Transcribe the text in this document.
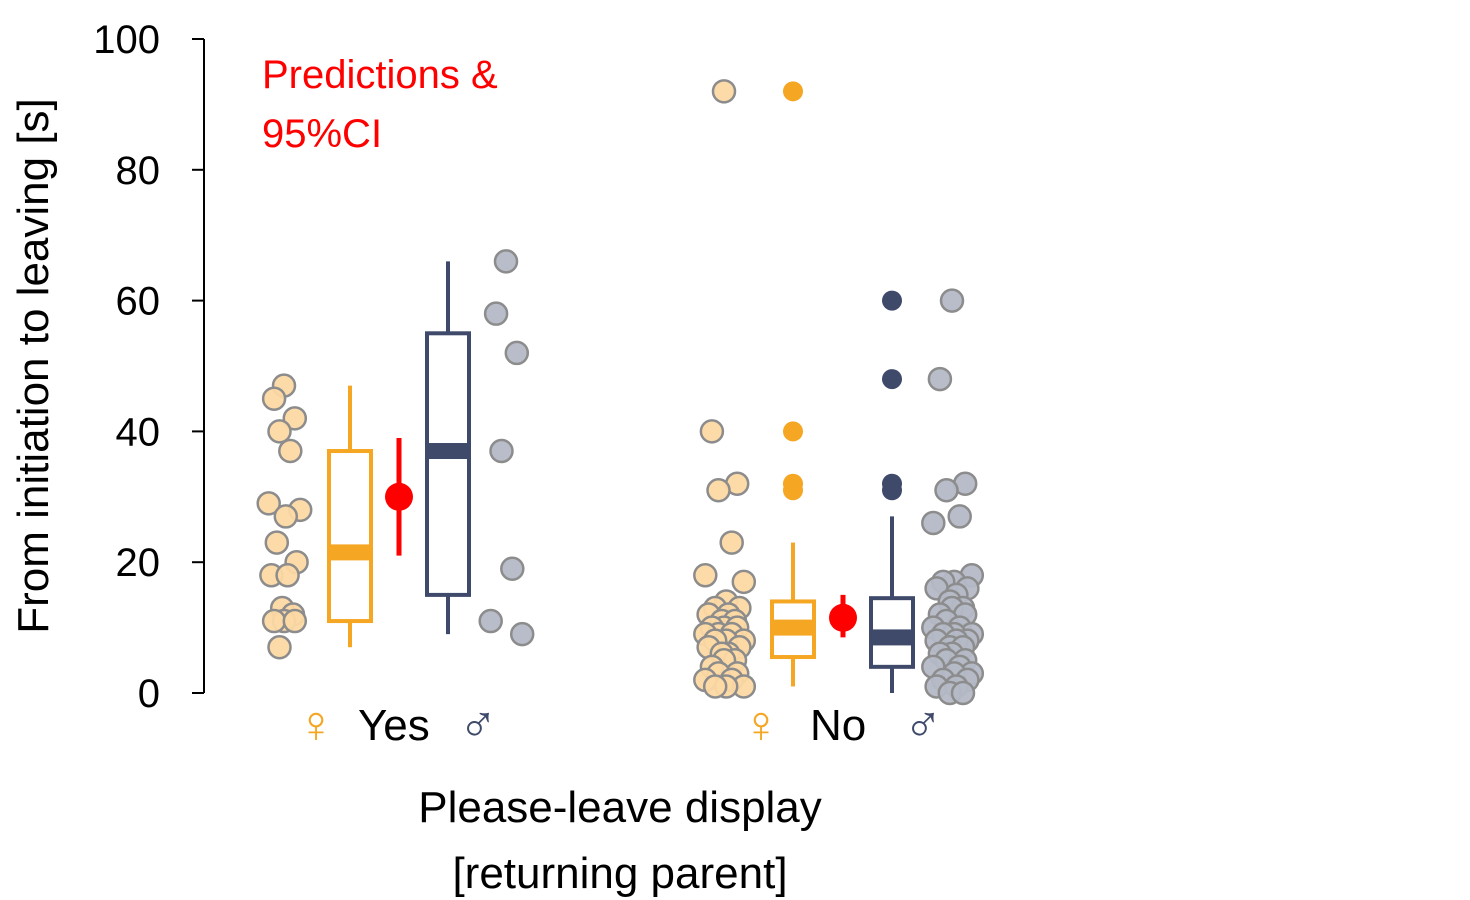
0
20
40
60
80
100
♀ Yes ♂	♀ No ♂
From initiation to leaving [s]
Predictions &
95%CI
Please-leave display
[returning parent]
